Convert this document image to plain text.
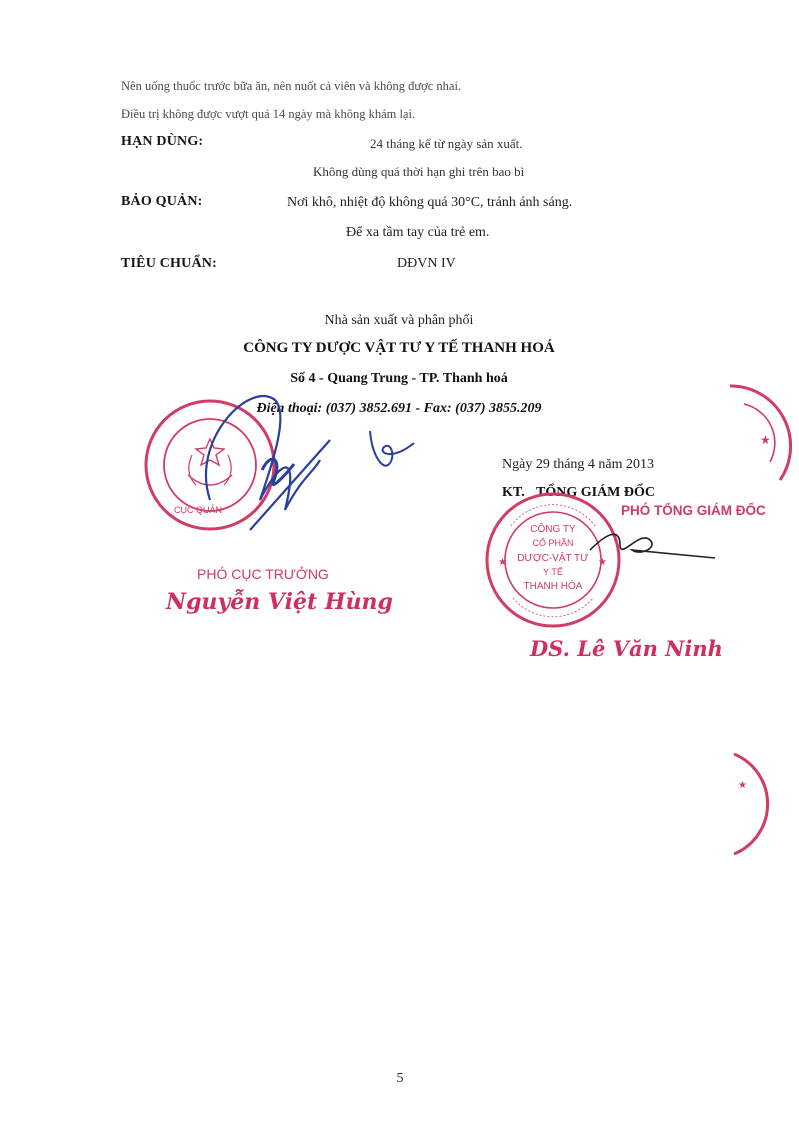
Nên uống thuốc trước bữa ăn, nên nuốt cả viên và không được nhai.
Điều trị không được vượt quá 14 ngày mà không khám lại.
HẠN DÙNG:	24 tháng kể từ ngày sản xuất.
Không dùng quá thời hạn ghi trên bao bì
BẢO QUẢN:	Nơi khô, nhiệt độ không quá 30°C, tránh ánh sáng.
Để xa tầm tay của trẻ em.
TIÊU CHUẨN:	DĐVN IV
Nhà sản xuất và phân phối
CÔNG TY DƯỢC VẬT TƯ Y TẾ THANH HOÁ
Số 4 - Quang Trung - TP. Thanh hoá
Điện thoại: (037) 3852.691 - Fax: (037) 3855.209
CỤC QUẢN
PHÓ CỤC TRƯỞNG
Nguyễn Việt Hùng
★
Ngày 29 tháng 4 năm 2013
KT. TỔNG GIÁM ĐỐC
PHÓ TỔNG GIÁM ĐỐC
★	★
CÔNG TY
CỔ PHẦN
DƯỢC-VẬT TƯ
Y TẾ
THANH HÓA
DS. Lê Văn Ninh
★
5
